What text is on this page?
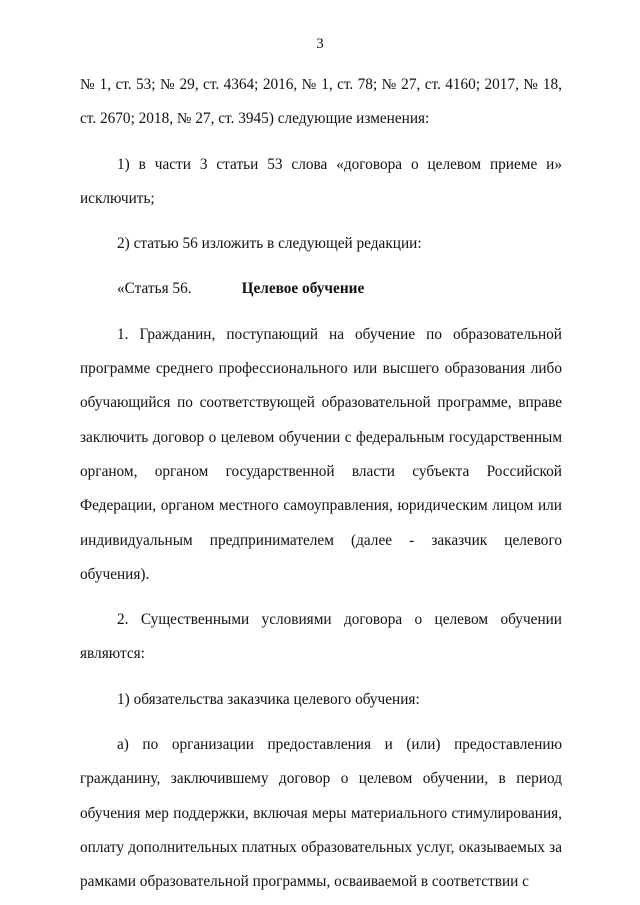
3

№ 1, ст. 53; № 29, ст. 4364; 2016, № 1, ст. 78; № 27, ст. 4160; 2017, № 18, ст. 2670; 2018, № 27, ст. 3945) следующие изменения:

1) в части 3 статьи 53 слова «договора о целевом приеме и» исключить;

2) статью 56 изложить в следующей редакции:

«Статья 56.	Целевое обучение

1. Гражданин, поступающий на обучение по образовательной программе среднего профессионального или высшего образования либо обучающийся по соответствующей образовательной программе, вправе заключить договор о целевом обучении с федеральным государственным органом, органом государственной власти субъекта Российской Федерации, органом местного самоуправления, юридическим лицом или индивидуальным предпринимателем (далее - заказчик целевого обучения).

2. Существенными условиями договора о целевом обучении являются:

1) обязательства заказчика целевого обучения:

а) по организации предоставления и (или) предоставлению гражданину, заключившему договор о целевом обучении, в период обучения мер поддержки, включая меры материального стимулирования, оплату дополнительных платных образовательных услуг, оказываемых за рамками образовательной программы, осваиваемой в соответствии с
